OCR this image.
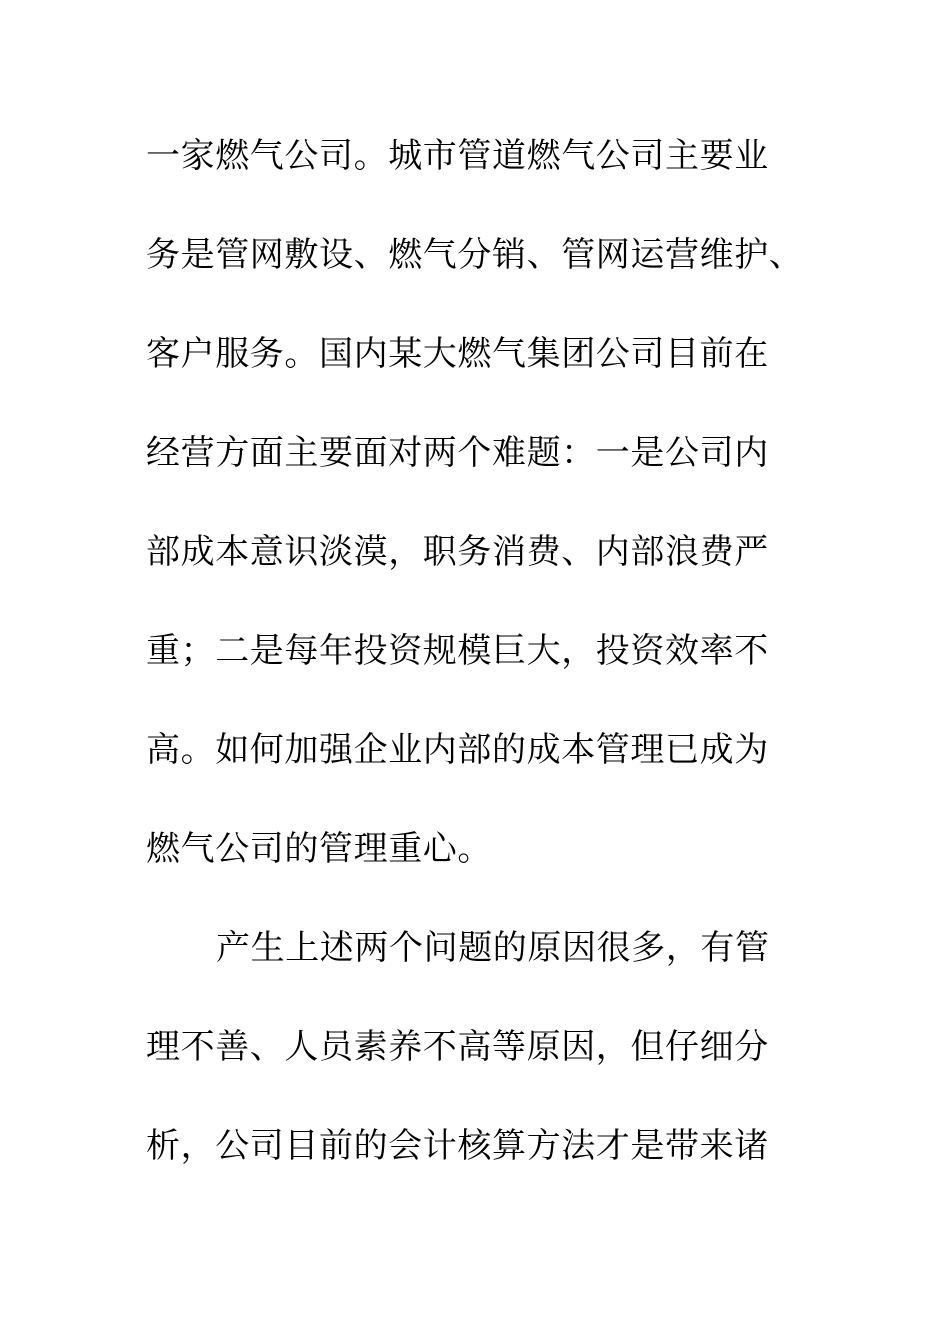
一家燃气公司。城市管道燃气公司主要业
务是管网敷设、燃气分销、管网运营维护、
客户服务。国内某大燃气集团公司目前在
经营方面主要面对两个难题：一是公司内
部成本意识淡漠，职务消费、内部浪费严
重；二是每年投资规模巨大，投资效率不
高。如何加强企业内部的成本管理已成为
燃气公司的管理重心。
产生上述两个问题的原因很多，有管
理不善、人员素养不高等原因，但仔细分
析，公司目前的会计核算方法才是带来诸
